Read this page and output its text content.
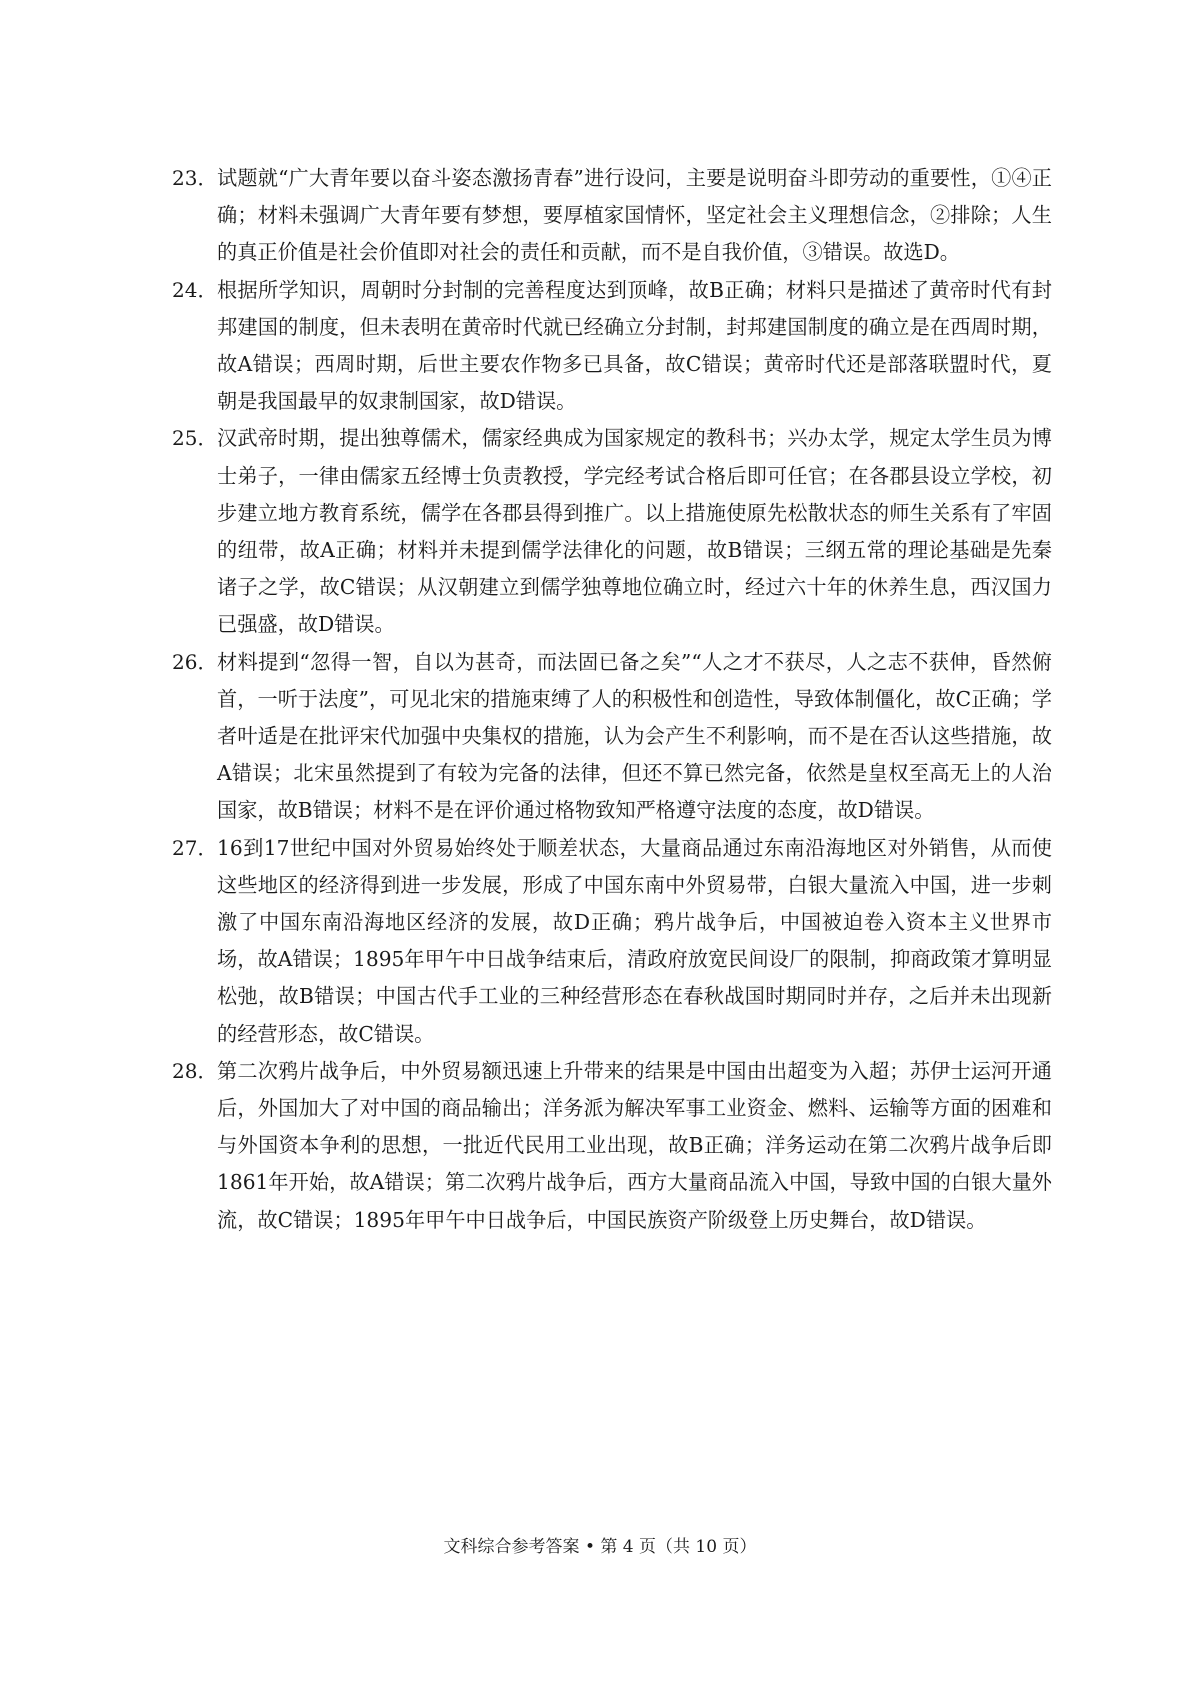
23． 试题就“广大青年要以奋斗姿态激扬青春”进行设问，主要是说明奋斗即劳动的重要性，①④正确；材料未强调广大青年要有梦想，要厚植家国情怀，坚定社会主义理想信念，②排除；人生的真正价值是社会价值即对社会的责任和贡献，而不是自我价值，③错误。故选D。

24． 根据所学知识，周朝时分封制的完善程度达到顶峰，故B正确；材料只是描述了黄帝时代有封邦建国的制度，但未表明在黄帝时代就已经确立分封制，封邦建国制度的确立是在西周时期，故A错误；西周时期，后世主要农作物多已具备，故C错误；黄帝时代还是部落联盟时代，夏朝是我国最早的奴隶制国家，故D错误。

25． 汉武帝时期，提出独尊儒术，儒家经典成为国家规定的教科书；兴办太学，规定太学生员为博士弟子，一律由儒家五经博士负责教授，学完经考试合格后即可任官；在各郡县设立学校，初步建立地方教育系统，儒学在各郡县得到推广。以上措施使原先松散状态的师生关系有了牢固的纽带，故A正确；材料并未提到儒学法律化的问题，故B错误；三纲五常的理论基础是先秦诸子之学，故C错误；从汉朝建立到儒学独尊地位确立时，经过六十年的休养生息，西汉国力已强盛，故D错误。

26． 材料提到“忽得一智，自以为甚奇，而法固已备之矣”“人之才不获尽，人之志不获伸，昏然俯首，一听于法度”，可见北宋的措施束缚了人的积极性和创造性，导致体制僵化，故C正确；学者叶适是在批评宋代加强中央集权的措施，认为会产生不利影响，而不是在否认这些措施，故A错误；北宋虽然提到了有较为完备的法律，但还不算已然完备，依然是皇权至高无上的人治国家，故B错误；材料不是在评价通过格物致知严格遵守法度的态度，故D错误。

27． 16到17世纪中国对外贸易始终处于顺差状态，大量商品通过东南沿海地区对外销售，从而使这些地区的经济得到进一步发展，形成了中国东南中外贸易带，白银大量流入中国，进一步刺激了中国东南沿海地区经济的发展，故D正确；鸦片战争后，中国被迫卷入资本主义世界市场，故A错误；1895年甲午中日战争结束后，清政府放宽民间设厂的限制，抑商政策才算明显松弛，故B错误；中国古代手工业的三种经营形态在春秋战国时期同时并存，之后并未出现新的经营形态，故C错误。

28． 第二次鸦片战争后，中外贸易额迅速上升带来的结果是中国由出超变为入超；苏伊士运河开通后，外国加大了对中国的商品输出；洋务派为解决军事工业资金、燃料、运输等方面的困难和与外国资本争利的思想，一批近代民用工业出现，故B正确；洋务运动在第二次鸦片战争后即1861年开始，故A错误；第二次鸦片战争后，西方大量商品流入中国，导致中国的白银大量外流，故C错误；1895年甲午中日战争后，中国民族资产阶级登上历史舞台，故D错误。

文科综合参考答案 • 第 4 页（共 10 页）
